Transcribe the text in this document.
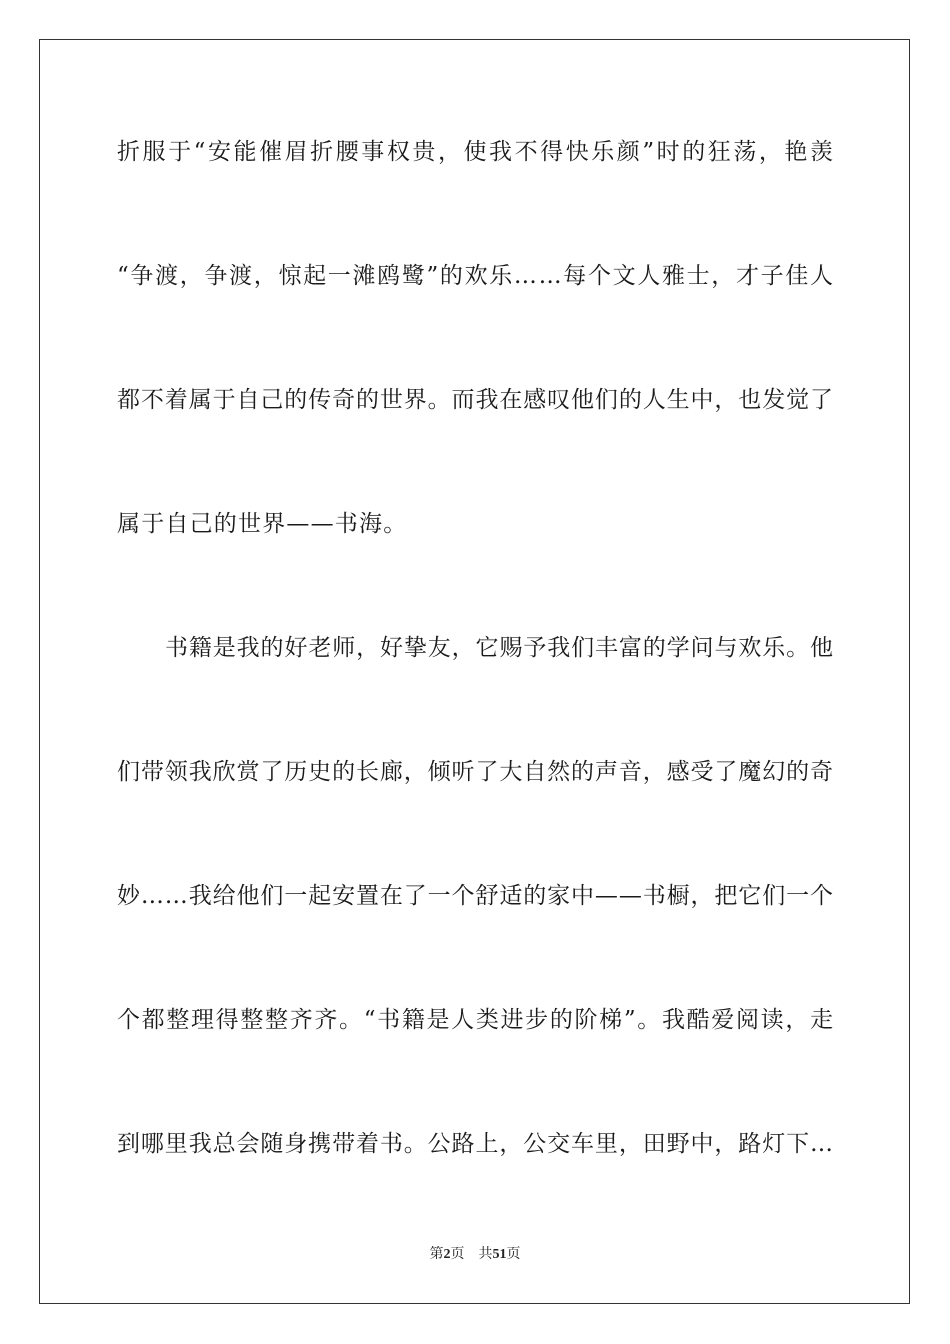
折服于“安能催眉折腰事权贵，使我不得快乐颜”时的狂荡，艳羡
“争渡，争渡，惊起一滩鸥鹭”的欢乐……每个文人雅士，才子佳人
都不着属于自己的传奇的世界。而我在感叹他们的人生中，也发觉了
属于自己的世界——书海。
书籍是我的好老师，好挚友，它赐予我们丰富的学问与欢乐。他
们带领我欣赏了历史的长廊，倾听了大自然的声音，感受了魔幻的奇
妙……我给他们一起安置在了一个舒适的家中——书橱，把它们一个
个都整理得整整齐齐。“书籍是人类进步的阶梯”。我酷爱阅读，走
到哪里我总会随身携带着书。公路上，公交车里，田野中，路灯下…
第2页 共51页
